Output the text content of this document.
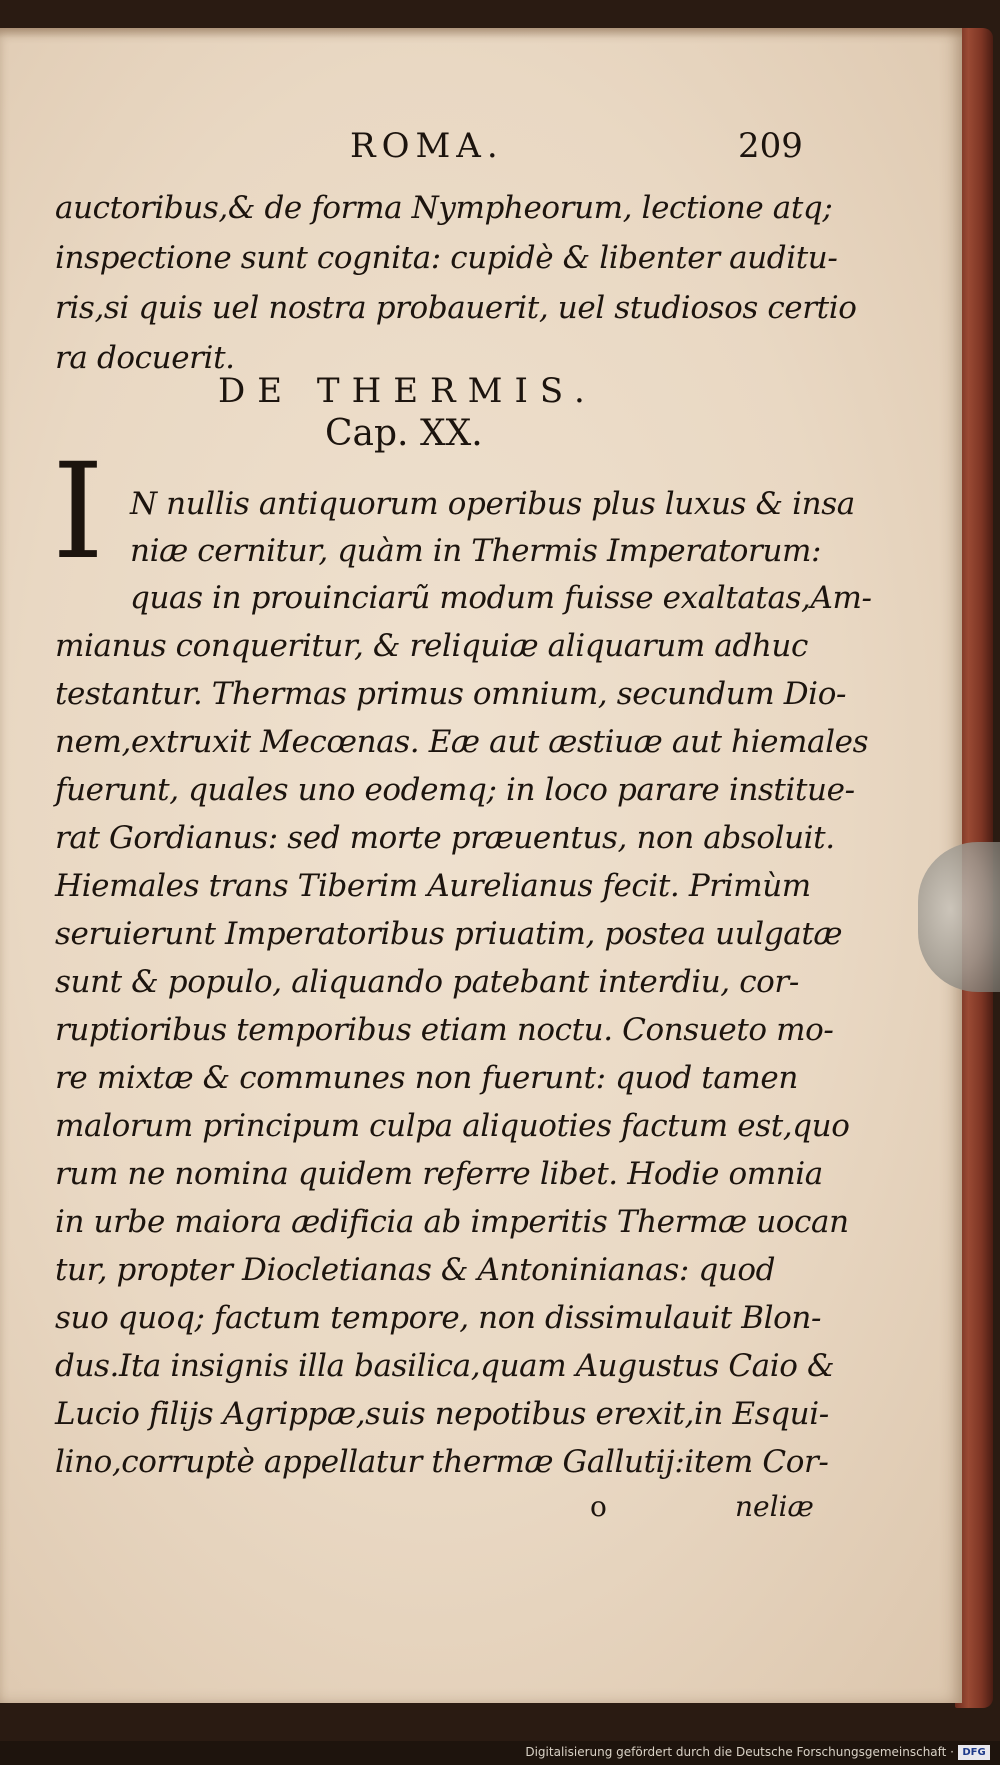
ROMA.	209
auctoribus,& de forma Nympheorum, lectione atq;
inspectione sunt cognita: cupidè & libenter auditu-
ris,si quis uel nostra probauerit, uel studiosos certio
ra docuerit.
DE THERMIS.
Cap. XX.
I N nullis antiquorum operibus plus luxus & insa
niæ cernitur, quàm in Thermis Imperatorum:
quas in prouinciarũ modum fuisse exaltatas,Am-
mianus conqueritur, & reliquiæ aliquarum adhuc
testantur. Thermas primus omnium, secundum Dio-
nem,extruxit Mecœnas. Eæ aut æstiuæ aut hiemales
fuerunt, quales uno eodemq; in loco parare institue-
rat Gordianus: sed morte præuentus, non absoluit.
Hiemales trans Tiberim Aurelianus fecit. Primùm
seruierunt Imperatoribus priuatim, postea uulgatæ
sunt & populo, aliquando patebant interdiu, cor-
ruptioribus temporibus etiam noctu. Consueto mo-
re mixtæ & communes non fuerunt: quod tamen
malorum principum culpa aliquoties factum est,quo
rum ne nomina quidem referre libet. Hodie omnia
in urbe maiora ædificia ab imperitis Thermæ uocan
tur, propter Diocletianas & Antoninianas: quod
suo quoq; factum tempore, non dissimulauit Blon-
dus.Ita insignis illa basilica,quam Augustus Caio &
Lucio filijs Agrippæ,suis nepotibus erexit,in Esqui-
lino,corruptè appellatur thermæ Gallutij:item Cor-
o	neliæ
Digitalisierung gefördert durch die Deutsche Forschungsgemeinschaft · DFG
